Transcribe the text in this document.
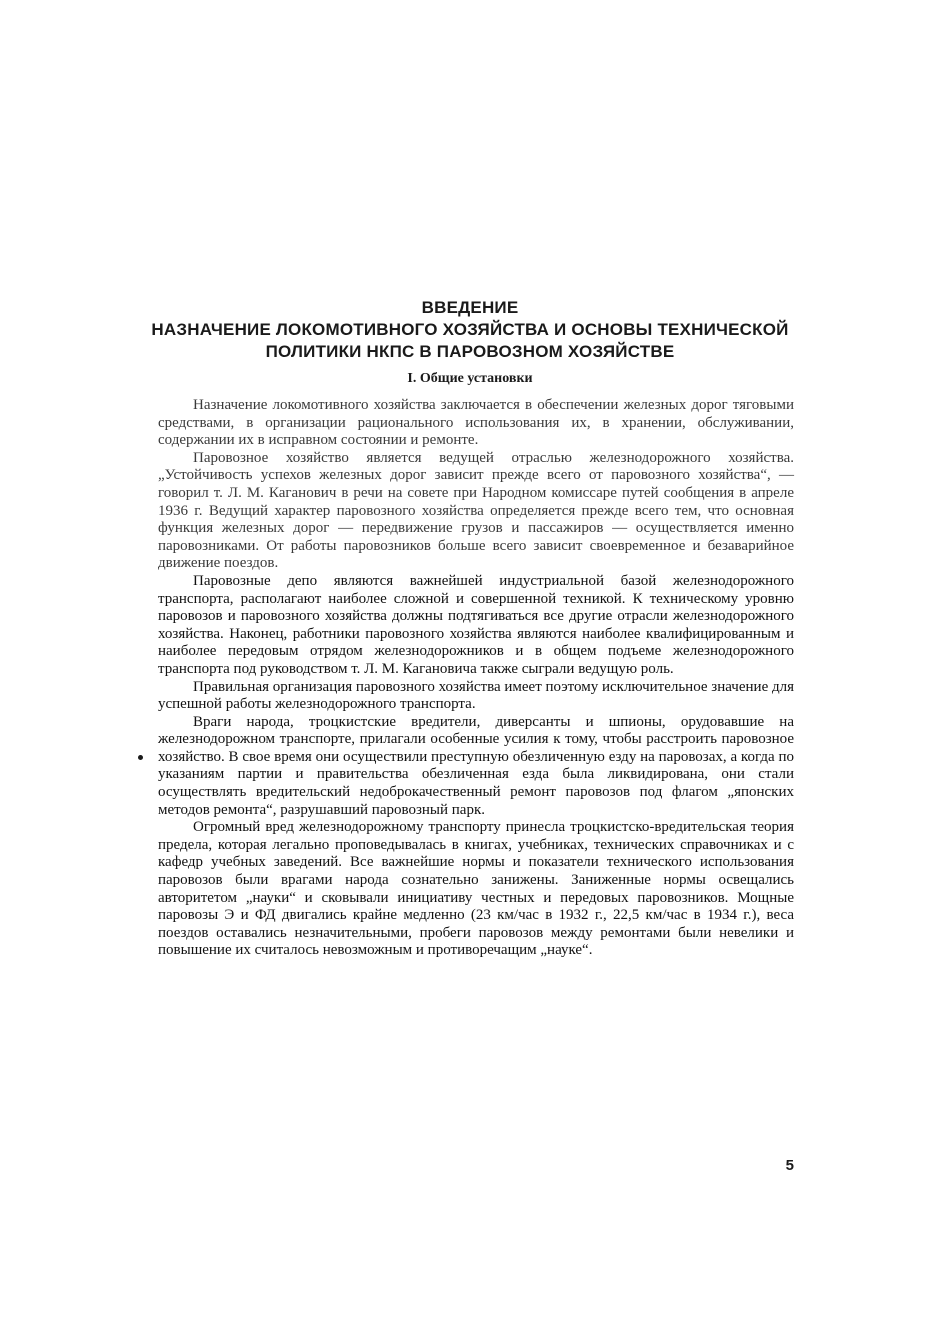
ВВЕДЕНИЕ

НАЗНАЧЕНИЕ ЛОКОМОТИВНОГО ХОЗЯЙСТВА И ОСНОВЫ ТЕХНИЧЕСКОЙ

ПОЛИТИКИ НКПС В ПАРОВОЗНОМ ХОЗЯЙСТВЕ

I. Общие установки

Назначение локомотивного хозяйства заключается в обеспечении железных дорог тяговыми средствами, в организации рационального использования их, в хранении, обслуживании, содержании их в исправном состоянии и ремонте.

Паровозное хозяйство является ведущей отраслью железнодорожного хозяйства. „Устойчивость успехов железных дорог зависит прежде всего от паровозного хозяйства“, — говорил т. Л. М. Каганович в речи на совете при Народном комиссаре путей сообщения в апреле 1936 г. Ведущий характер паровозного хозяйства определяется прежде всего тем, что основная функция железных дорог — передвижение грузов и пассажиров — осуществляется именно паровозниками. От работы паровозников больше всего зависит своевременное и безаварийное движение поездов.

Паровозные депо являются важнейшей индустриальной базой железнодорожного транспорта, располагают наиболее сложной и совершенной техникой. К техническому уровню паровозов и паровозного хозяйства должны подтягиваться все другие отрасли железнодорожного хозяйства. Наконец, работники паровозного хозяйства являются наиболее квалифицированным и наиболее передовым отрядом железнодорожников и в общем подъеме железнодорожного транспорта под руководством т. Л. М. Кагановича также сыграли ведущую роль.

Правильная организация паровозного хозяйства имеет поэтому исключительное значение для успешной работы железнодорожного транспорта.

Враги народа, троцкистские вредители, диверсанты и шпионы, орудовавшие на железнодорожном транспорте, прилагали особенные усилия к тому, чтобы расстроить паровозное хозяйство. В свое время они осуществили преступную обезличенную езду на паровозах, а когда по указаниям партии и правительства обезличенная езда была ликвидирована, они стали осуществлять вредительский недоброкачественный ремонт паровозов под флагом „японских методов ремонта“, разрушавший паровозный парк.

Огромный вред железнодорожному транспорту принесла троцкистско-вредительская теория предела, которая легально проповедывалась в книгах, учебниках, технических справочниках и с кафедр учебных заведений. Все важнейшие нормы и показатели технического использования паровозов были врагами народа сознательно занижены. Заниженные нормы освещались авторитетом „науки“ и сковывали инициативу честных и передовых паровозников. Мощные паровозы Э и ФД двигались крайне медленно (23 км/час в 1932 г., 22,5 км/час в 1934 г.), веса поездов оставались незначительными, пробеги паровозов между ремонтами были невелики и повышение их считалось невозможным и противоречащим „науке“.

5
